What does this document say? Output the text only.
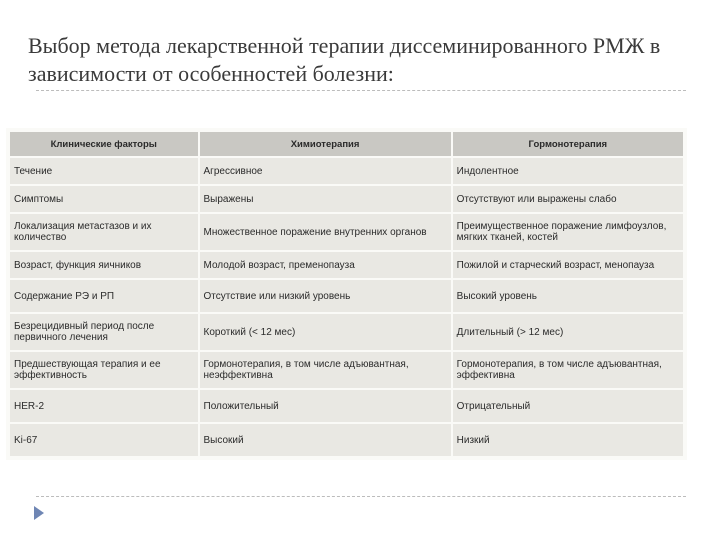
Выбор метода лекарственной терапии диссеминированного РМЖ в зависимости от особенностей болезни:
Клинические факторы	Химиотерапия	Гормонотерапия
Течение	Агрессивное	Индолентное
Симптомы	Выражены	Отсутствуют или выражены слабо
Локализация метастазов и их количество	Множественное поражение внутренних органов	Преимущественное поражение лимфоузлов, мягких тканей, костей
Возраст, функция яичников	Молодой возраст, пременопауза	Пожилой и старческий возраст, менопауза
Содержание РЭ и РП	Отсутствие или низкий уровень	Высокий уровень
Безрецидивный период после первичного лечения	Короткий (< 12 мес)	Длительный (> 12 мес)
Предшествующая терапия и ее эффективность	Гормонотерапия, в том числе адъювантная, неэффективна	Гормонотерапия, в том числе адъювантная, эффективна
HER-2	Положительный	Отрицательный
Ki-67	Высокий	Низкий
